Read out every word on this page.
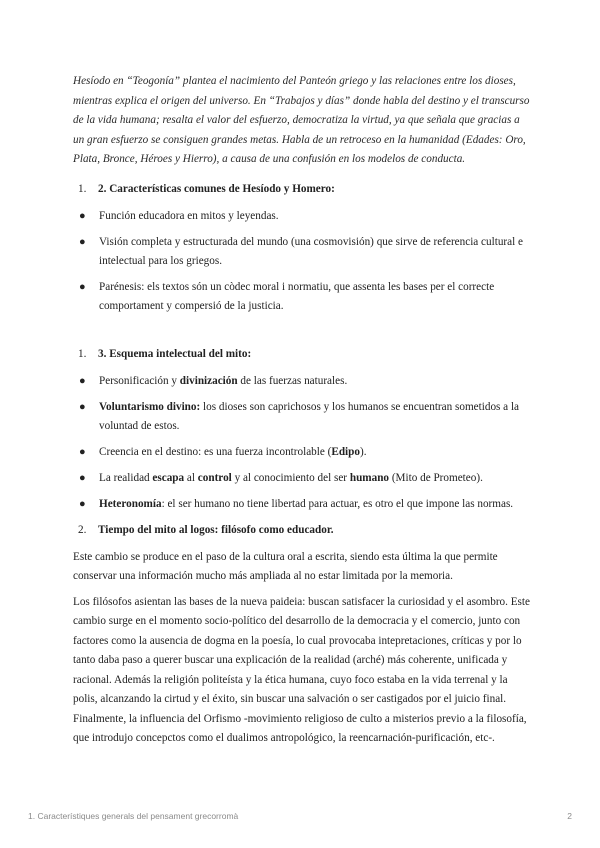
Hesíodo en “Teogonía” plantea el nacimiento del Panteón griego y las relaciones entre los dioses, mientras explica el origen del universo. En “Trabajos y días” donde habla del destino y el transcurso de la vida humana; resalta el valor del esfuerzo, democratiza la virtud, ya que señala que gracias a un gran esfuerzo se consiguen grandes metas. Habla de un retroceso en la humanidad (Edades: Oro, Plata, Bronce, Héroes y Hierro), a causa de una confusión en los modelos de conducta.

1.	2. Características comunes de Hesíodo y Homero:
●	Función educadora en mitos y leyendas.
●	Visión completa y estructurada del mundo (una cosmovisión) que sirve de referencia cultural e intelectual para los griegos.
●	Parénesis: els textos són un còdec moral i normatiu, que assenta les bases per el correcte comportament y compersió de la justicia.
1.	3. Esquema intelectual del mito:
●	Personificación y divinización de las fuerzas naturales.
●	Voluntarismo divino: los dioses son caprichosos y los humanos se encuentran sometidos a la voluntad de estos.
●	Creencia en el destino: es una fuerza incontrolable (Edipo).
●	La realidad escapa al control y al conocimiento del ser humano (Mito de Prometeo).
●	Heteronomía: el ser humano no tiene libertad para actuar, es otro el que impone las normas.
2.	Tiempo del mito al logos: filósofo como educador.

Este cambio se produce en el paso de la cultura oral a escrita, siendo esta última la que permite conservar una información mucho más ampliada al no estar limitada por la memoria.

Los filósofos asientan las bases de la nueva paideia: buscan satisfacer la curiosidad y el asombro. Este cambio surge en el momento socio-político del desarrollo de la democracia y el comercio, junto con factores como la ausencia de dogma en la poesía, lo cual provocaba intepretaciones, críticas y por lo tanto daba paso a querer buscar una explicación de la realidad (arché) más coherente, unificada y racional. Además la religión politeísta y la ética humana, cuyo foco estaba en la vida terrenal y la polis, alcanzando la cirtud y el éxito, sin buscar una salvación o ser castigados por el juicio final. Finalmente, la influencia del Orfismo -movimiento religioso de culto a misterios previo a la filosofía, que introdujo concepctos como el dualimos antropológico, la reencarnación-purificación, etc-.

1. Característiques generals del pensament grecorromà	2
